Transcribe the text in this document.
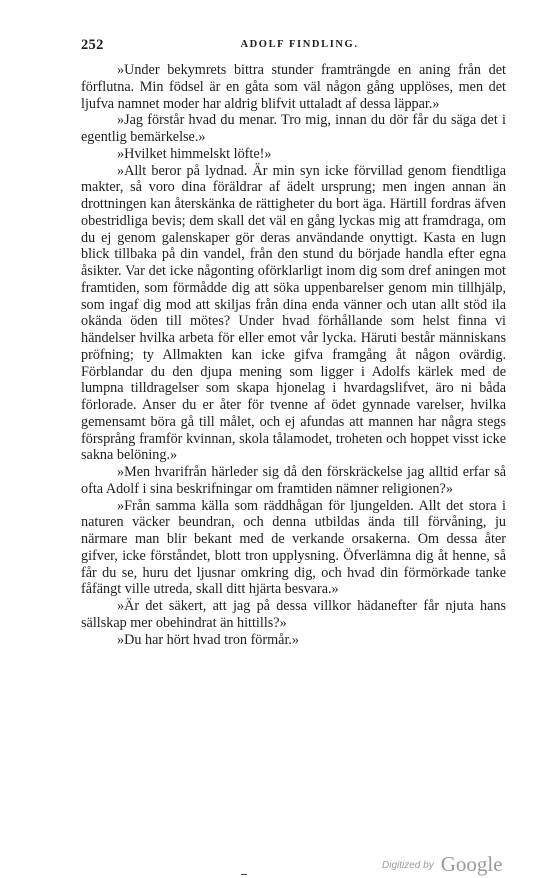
252	ADOLF FINDLING.

»Under bekymrets bittra stunder framträngde en aning från det förflutna. Min födsel är en gåta som väl någon gång upplöses, men det ljufva namnet moder har aldrig blifvit uttaladt af dessa läppar.»

»Jag förstår hvad du menar. Tro mig, innan du dör får du säga det i egentlig bemärkelse.»

»Hvilket himmelskt löfte!»

»Allt beror på lydnad. Är min syn icke förvillad genom fiendtliga makter, så voro dina föräldrar af ädelt ursprung; men ingen annan än drottningen kan återskänka de rättigheter du bort äga. Härtill fordras äfven obestridliga bevis; dem skall det väl en gång lyckas mig att framdraga, om du ej genom galenskaper gör deras användande onyttigt. Kasta en lugn blick tillbaka på din vandel, från den stund du började handla efter egna åsikter. Var det icke någonting oförklarligt inom dig som dref aningen mot framtiden, som förmådde dig att söka uppenbarelser genom min tillhjälp, som ingaf dig mod att skiljas från dina enda vänner och utan allt stöd ila okända öden till mötes? Under hvad förhållande som helst finna vi händelser hvilka arbeta för eller emot vår lycka. Häruti består människans pröfning; ty Allmakten kan icke gifva framgång åt någon ovärdig. Förblandar du den djupa mening som ligger i Adolfs kärlek med de lumpna tilldragelser som skapa hjonelag i hvardagslifvet, äro ni båda förlorade. Anser du er åter för tvenne af ödet gynnade varelser, hvilka gemensamt böra gå till målet, och ej afundas att mannen har några stegs försprång framför kvinnan, skola tålamodet, troheten och hoppet visst icke sakna belöning.»

»Men hvarifrån härleder sig då den förskräckelse jag alltid erfar så ofta Adolf i sina beskrifningar om framtiden nämner religionen?»

»Från samma källa som räddhågan för ljungelden. Allt det stora i naturen väcker beundran, och denna utbildas ända till förvåning, ju närmare man blir bekant med de verkande orsakerna. Om dessa åter gifver, icke förståndet, blott tron upplysning. Öfverlämna dig åt henne, så får du se, huru det ljusnar omkring dig, och hvad din förmörkade tanke fåfängt ville utreda, skall ditt hjärta besvara.»

»Är det säkert, att jag på dessa villkor hädanefter får njuta hans sällskap mer obehindrat än hittills?»

»Du har hört hvad tron förmår.»

Digitized by Google
